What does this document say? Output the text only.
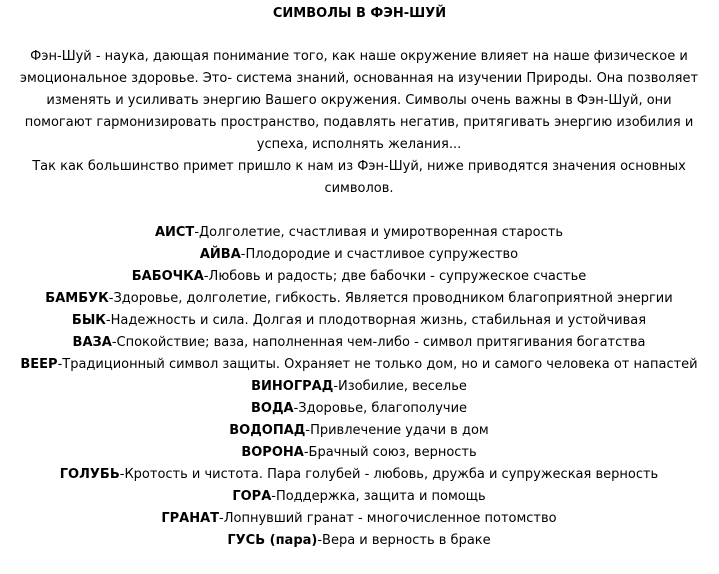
СИМВОЛЫ В ФЭН-ШУЙ

Фэн-Шуй - наука, дающая понимание того, как наше окружение влияет на наше физическое и эмоциональное здоровье. Это- система знаний, основанная на изучении Природы. Она позволяет изменять и усиливать энергию Вашего окружения. Символы очень важны в Фэн-Шуй, они помогают гармонизировать пространство, подавлять негатив, притягивать энергию изобилия и успеха, исполнять желания...

Так как большинство примет пришло к нам из Фэн-Шуй, ниже приводятся значения основных символов.

АИСТ-Долголетие, счастливая и умиротворенная старость

АЙВА-Плодородие и счастливое супружество

БАБОЧКА-Любовь и радость; две бабочки - супружеское счастье

БАМБУК-Здоровье, долголетие, гибкость. Является проводником благоприятной энергии

БЫК-Надежность и сила. Долгая и плодотворная жизнь, стабильная и устойчивая

ВАЗА-Спокойствие; ваза, наполненная чем-либо - символ притягивания богатства

ВЕЕР-Традиционный символ защиты. Охраняет не только дом, но и самого человека от напастей

ВИНОГРАД-Изобилие, веселье

ВОДА-Здоровье, благополучие

ВОДОПАД-Привлечение удачи в дом

ВОРОНА-Брачный союз, верность

ГОЛУБЬ-Кротость и чистота. Пара голубей - любовь, дружба и супружеская верность

ГОРА-Поддержка, защита и помощь

ГРАНАТ-Лопнувший гранат - многочисленное потомство

ГУСЬ (пара)-Вера и верность в браке
